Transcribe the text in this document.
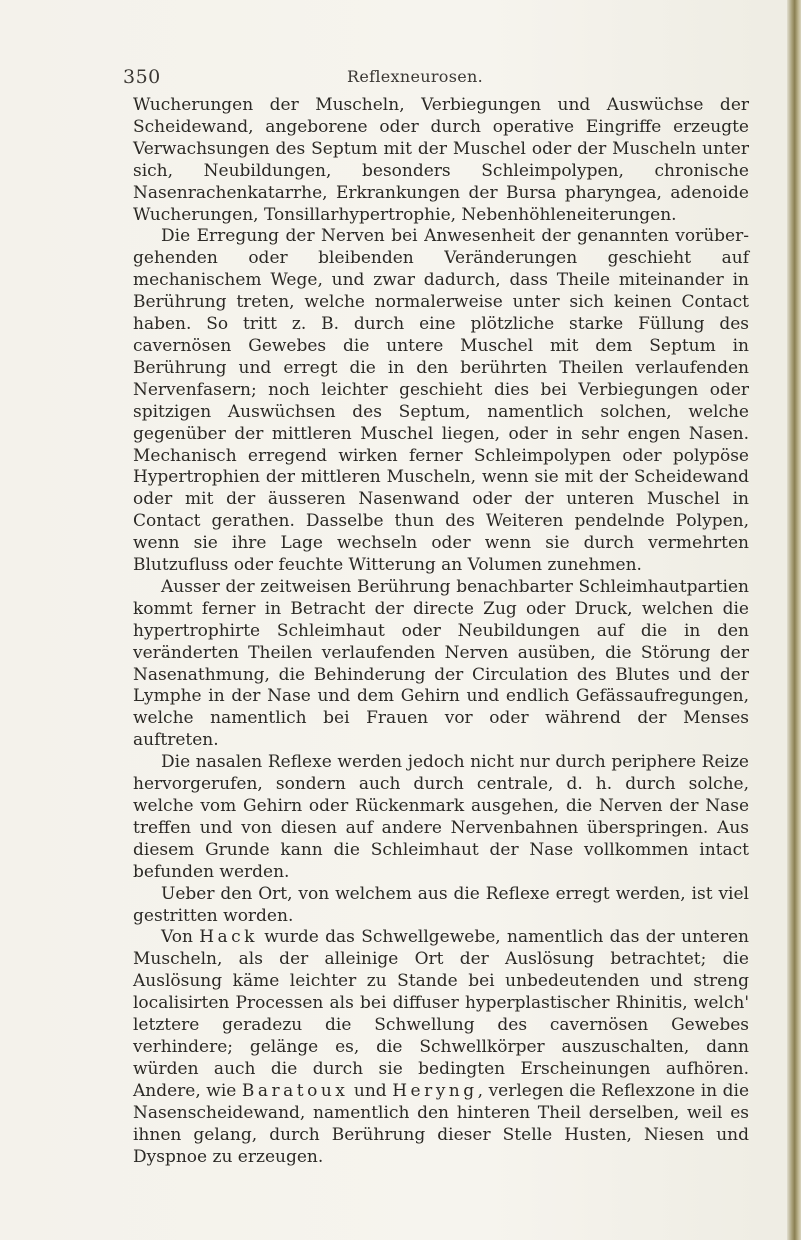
350	Reflexneurosen.

Wucherungen der Muscheln, Verbiegungen und Auswüchse der Scheidewand, angeborene oder durch operative Eingriffe erzeugte Verwachsungen des Septum mit der Muschel oder der Muscheln unter sich, Neubildungen, besonders Schleimpolypen, chronische Nasenrachenkatarrhe, Erkrankungen der Bursa pharyngea, adenoide Wucherungen, Tonsillarhypertrophie, Nebenhöhleneiterungen.

Die Erregung der Nerven bei Anwesenheit der genannten vorübergehenden oder bleibenden Veränderungen geschieht auf mechanischem Wege, und zwar dadurch, dass Theile miteinander in Berührung treten, welche normalerweise unter sich keinen Contact haben. So tritt z. B. durch eine plötzliche starke Füllung des cavernösen Gewebes die untere Muschel mit dem Septum in Berührung und erregt die in den berührten Theilen verlaufenden Nervenfasern; noch leichter geschieht dies bei Verbiegungen oder spitzigen Auswüchsen des Septum, namentlich solchen, welche gegenüber der mittleren Muschel liegen, oder in sehr engen Nasen. Mechanisch erregend wirken ferner Schleimpolypen oder polypöse Hypertrophien der mittleren Muscheln, wenn sie mit der Scheidewand oder mit der äusseren Nasenwand oder der unteren Muschel in Contact gerathen. Dasselbe thun des Weiteren pendelnde Polypen, wenn sie ihre Lage wechseln oder wenn sie durch vermehrten Blutzufluss oder feuchte Witterung an Volumen zunehmen.

Ausser der zeitweisen Berührung benachbarter Schleimhautpartien kommt ferner in Betracht der directe Zug oder Druck, welchen die hypertrophirte Schleimhaut oder Neubildungen auf die in den veränderten Theilen verlaufenden Nerven ausüben, die Störung der Nasenathmung, die Behinderung der Circulation des Blutes und der Lymphe in der Nase und dem Gehirn und endlich Gefässaufregungen, welche namentlich bei Frauen vor oder während der Menses auftreten.

Die nasalen Reflexe werden jedoch nicht nur durch periphere Reize hervorgerufen, sondern auch durch centrale, d. h. durch solche, welche vom Gehirn oder Rückenmark ausgehen, die Nerven der Nase treffen und von diesen auf andere Nervenbahnen überspringen. Aus diesem Grunde kann die Schleimhaut der Nase vollkommen intact befunden werden.

Ueber den Ort, von welchem aus die Reflexe erregt werden, ist viel gestritten worden.

Von Hack wurde das Schwellgewebe, namentlich das der unteren Muscheln, als der alleinige Ort der Auslösung betrachtet; die Auslösung käme leichter zu Stande bei unbedeutenden und streng localisirten Processen als bei diffuser hyperplastischer Rhinitis, welch' letztere geradezu die Schwellung des cavernösen Gewebes verhindere; gelänge es, die Schwellkörper auszuschalten, dann würden auch die durch sie bedingten Erscheinungen aufhören. Andere, wie Baratoux und Heryng, verlegen die Reflexzone in die Nasenscheidewand, namentlich den hinteren Theil derselben, weil es ihnen gelang, durch Berührung dieser Stelle Husten, Niesen und Dyspnoe zu erzeugen.
